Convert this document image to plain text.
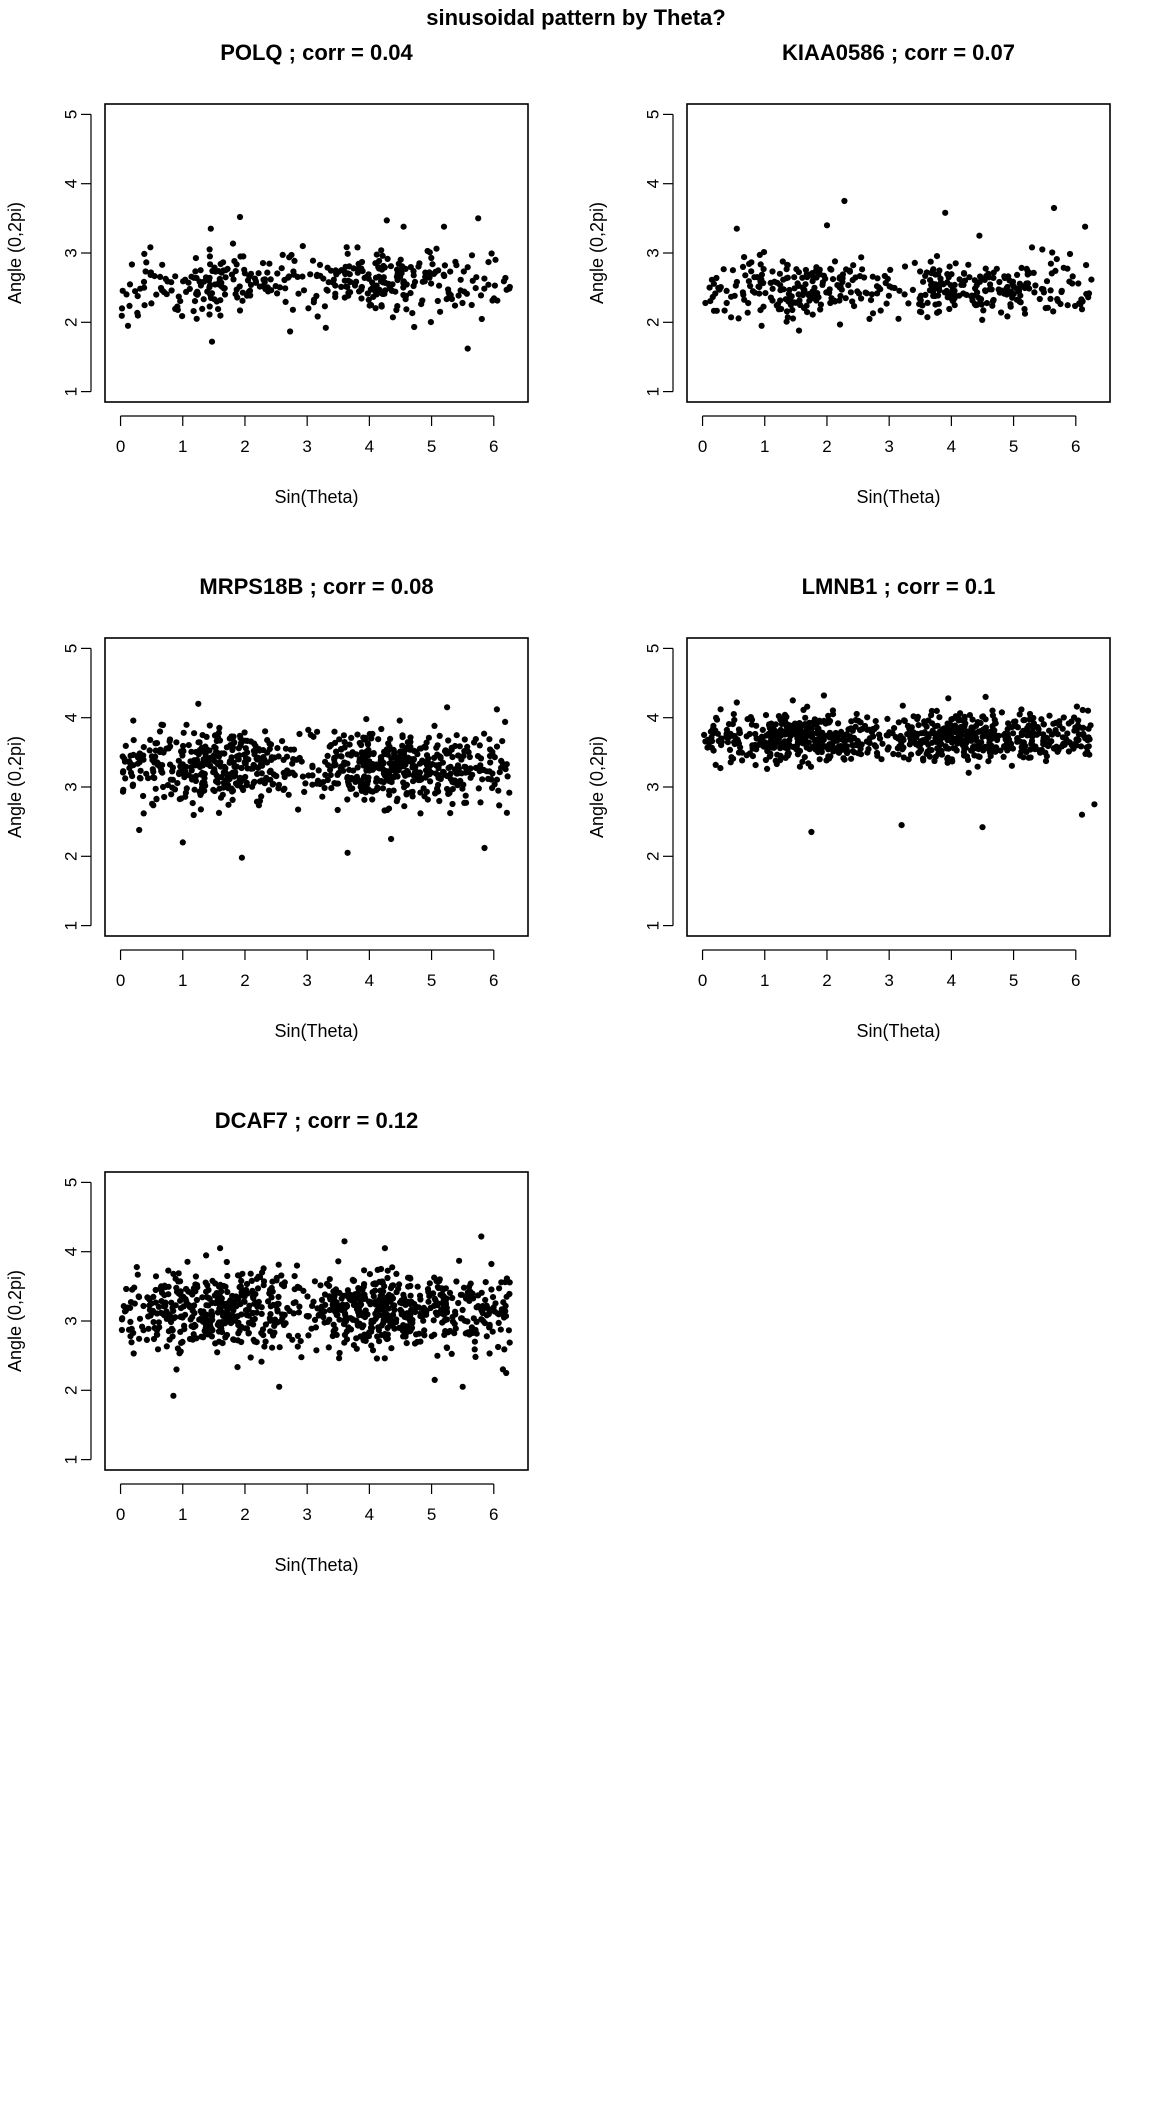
sinusoidal pattern by Theta?
POLQ ; corr = 0.04
0	1	2	3	4	5	6
1
2
3
4
5
Sin(Theta)
Angle (0,2pi)
KIAA0586 ; corr = 0.07
0	1	2	3	4	5	6
1
2
3
4
5
Sin(Theta)
Angle (0,2pi)
MRPS18B ; corr = 0.08
0	1	2	3	4	5	6
1
2
3
4
5
Sin(Theta)
Angle (0,2pi)
LMNB1 ; corr = 0.1
0	1	2	3	4	5	6
1
2
3
4
5
Sin(Theta)
Angle (0,2pi)
DCAF7 ; corr = 0.12
0	1	2	3	4	5	6
1
2
3
4
5
Sin(Theta)
Angle (0,2pi)
